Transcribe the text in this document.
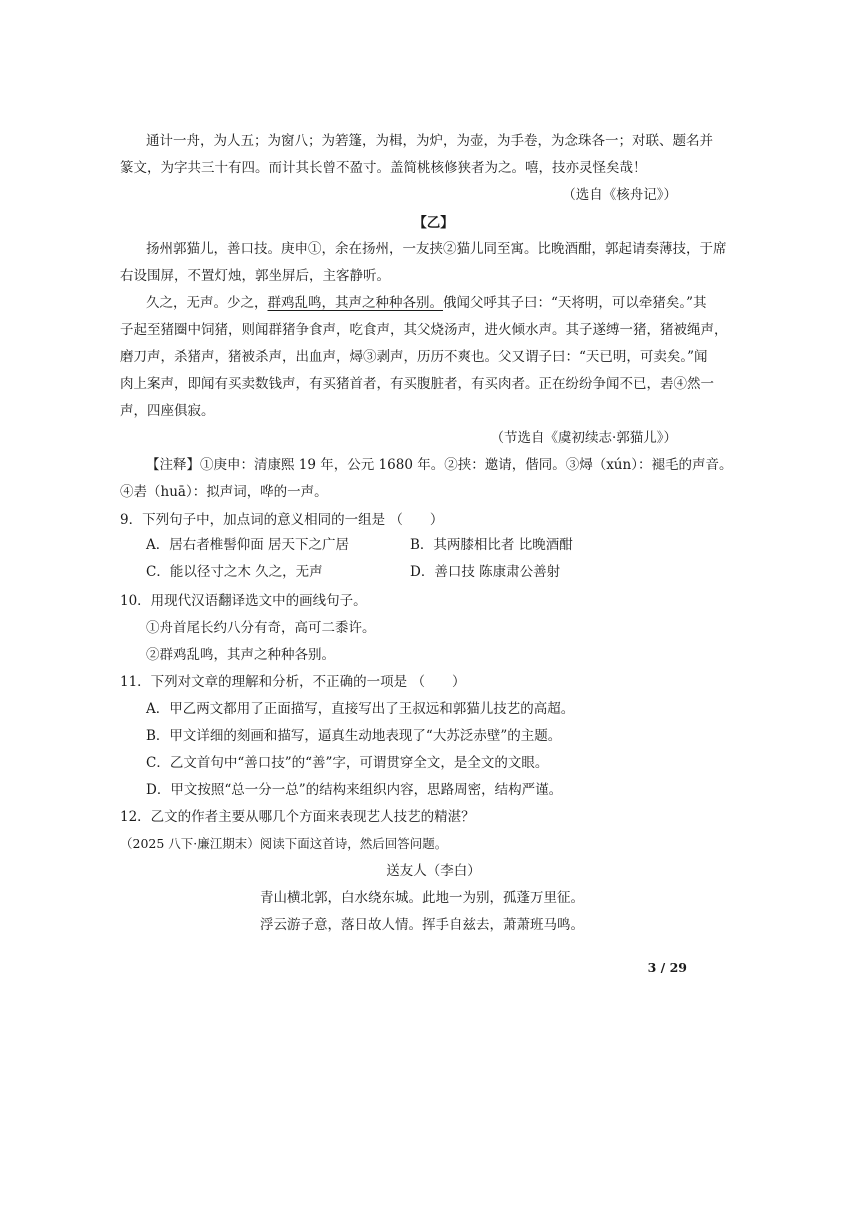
通计一舟，为人五；为窗八；为箬篷，为楫，为炉，为壶，为手卷，为念珠各一；对联、题名并
篆文，为字共三十有四。而计其长曾不盈寸。盖简桃核修狭者为之。嘻，技亦灵怪矣哉！
（选自《核舟记》）
【乙】
扬州郭猫儿，善口技。庚申①，余在扬州，一友挟②猫儿同至寓。比晚酒酣，郭起请奏薄技，于席
右设围屏，不置灯烛，郭坐屏后，主客静听。
久之，无声。少之，群鸡乱鸣，其声之种种各别。俄闻父呼其子曰：“天将明，可以牵猪矣。”其
子起至猪圈中饲猪，则闻群猪争食声，吃食声，其父烧汤声，进火倾水声。其子遂缚一猪，猪被绳声，
磨刀声，杀猪声，猪被杀声，出血声，燖③剥声，历历不爽也。父又谓子曰：“天已明，可卖矣。”闻
肉上案声，即闻有买卖数钱声，有买猪首者，有买腹脏者，有买肉者。正在纷纷争闻不已，砉④然一
声，四座俱寂。
（节选自《虞初续志·郭猫儿》）
【注释】①庚申：清康熙 19 年，公元 1680 年。②挟：邀请，偕同。③燖（xún）：褪毛的声音。
④砉（huā）：拟声词，哗的一声。
9．下列句子中，加点词的意义相同的一组是 （　　）
A．居右者椎髻仰面 居天下之广居	B．其两膝相比者 比晚酒酣
C．能以径寸之木 久之，无声	D．善口技 陈康肃公善射
10．用现代汉语翻译选文中的画线句子。
①舟首尾长约八分有奇，高可二黍许。
②群鸡乱鸣，其声之种种各别。
11．下列对文章的理解和分析，不正确的一项是 （　　）
A．甲乙两文都用了正面描写，直接写出了王叔远和郭猫儿技艺的高超。
B．甲文详细的刻画和描写，逼真生动地表现了“大苏泛赤壁”的主题。
C．乙文首句中“善口技”的“善”字，可谓贯穿全文，是全文的文眼。
D．甲文按照“总一分一总”的结构来组织内容，思路周密，结构严谨。
12．乙文的作者主要从哪几个方面来表现艺人技艺的精湛？
（2025 八下·廉江期末）阅读下面这首诗，然后回答问题。
送友人（李白）
青山横北郭，白水绕东城。此地一为别，孤蓬万里征。
浮云游子意，落日故人情。挥手自兹去，萧萧班马鸣。
3 / 29
